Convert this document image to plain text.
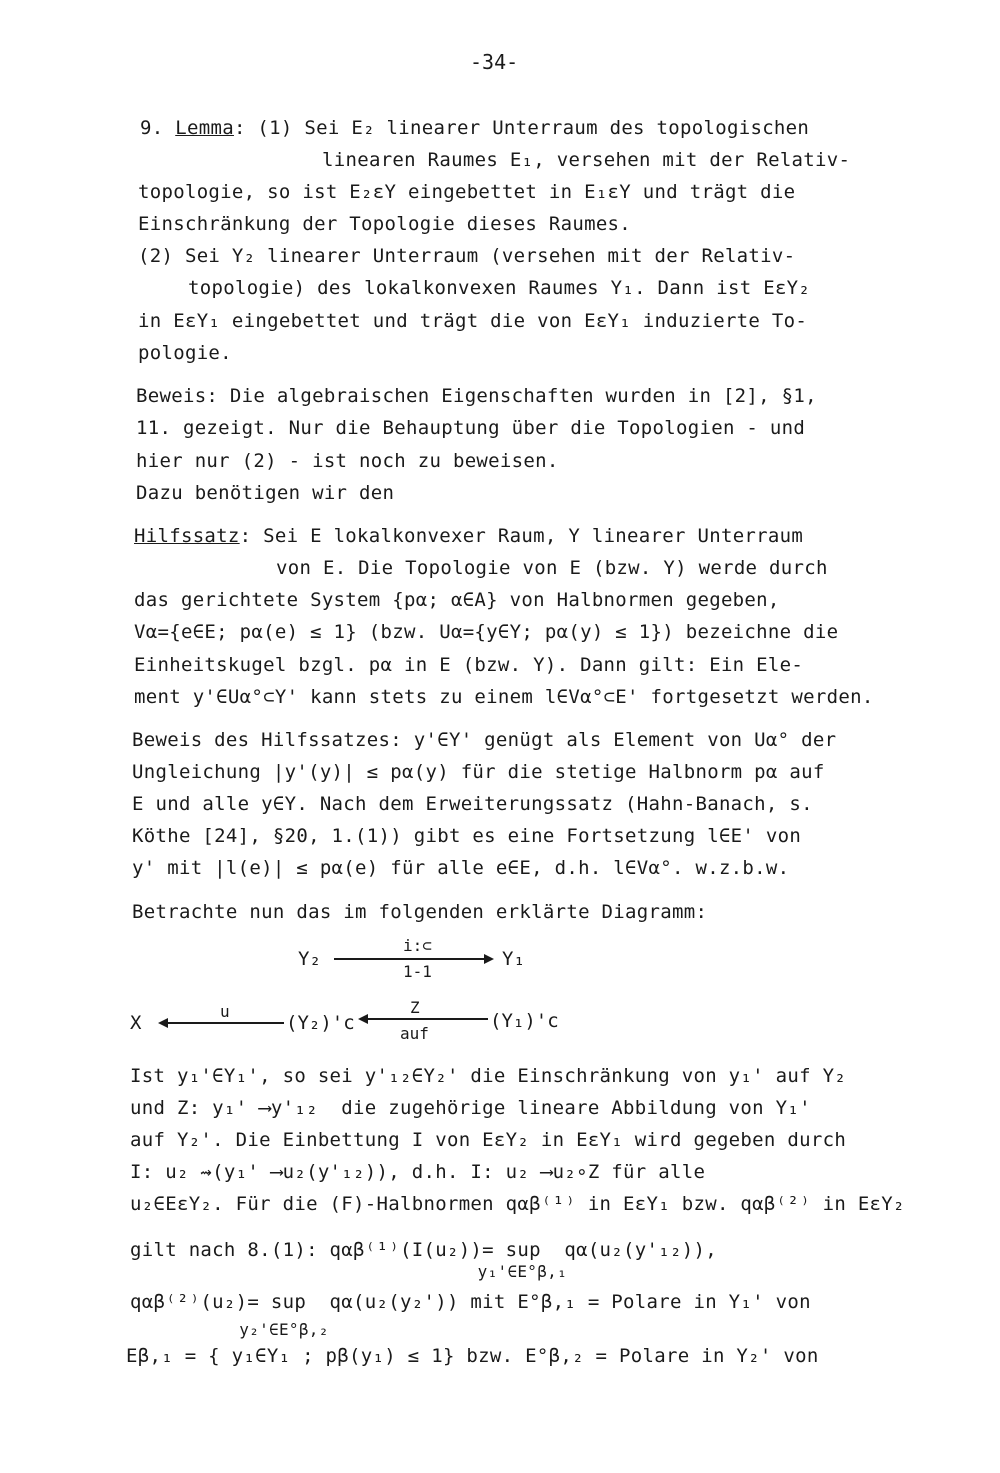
-34-
9. Lemma: (1) Sei E₂ linearer Unterraum des topologischen
linearen Raumes E₁, versehen mit der Relativ-
topologie, so ist E₂εY eingebettet in E₁εY und trägt die
Einschränkung der Topologie dieses Raumes.
(2) Sei Y₂ linearer Unterraum (versehen mit der Relativ-
topologie) des lokalkonvexen Raumes Y₁. Dann ist EεY₂
in EεY₁ eingebettet und trägt die von EεY₁ induzierte To-
pologie.
Beweis: Die algebraischen Eigenschaften wurden in [2], §1,
11. gezeigt. Nur die Behauptung über die Topologien - und
hier nur (2) - ist noch zu beweisen.
Dazu benötigen wir den
Hilfssatz: Sei E lokalkonvexer Raum, Y linearer Unterraum
von E. Die Topologie von E (bzw. Y) werde durch
das gerichtete System {pα; α∈A} von Halbnormen gegeben,
Vα={e∈E; pα(e) ≤ 1} (bzw. Uα={y∈Y; pα(y) ≤ 1}) bezeichne die
Einheitskugel bzgl. pα in E (bzw. Y). Dann gilt: Ein Ele-
ment y'∈Uα°⊂Y' kann stets zu einem l∈Vα°⊂E' fortgesetzt werden.
Beweis des Hilfssatzes: y'∈Y' genügt als Element von Uα° der
Ungleichung |y'(y)| ≤ pα(y) für die stetige Halbnorm pα auf
E und alle y∈Y. Nach dem Erweiterungssatz (Hahn-Banach, s.
Köthe [24], §20, 1.(1)) gibt es eine Fortsetzung l∈E' von
y' mit |l(e)| ≤ pα(e) für alle e∈E, d.h. l∈Vα°. w.z.b.w.
Betrachte nun das im folgenden erklärte Diagramm:
Y₂
i:⊂
1-1
Y₁
X
u
(Y₂)'c
Z
auf
(Y₁)'c
Ist y₁'∈Y₁', so sei y'₁₂∈Y₂' die Einschränkung von y₁' auf Y₂
und Z: y₁' ⟶y'₁₂  die zugehörige lineare Abbildung von Y₁'
auf Y₂'. Die Einbettung I von EεY₂ in EεY₁ wird gegeben durch
I: u₂ ⇝(y₁' ⟶u₂(y'₁₂)), d.h. I: u₂ ⟶u₂∘Z für alle
u₂∈EεY₂. Für die (F)-Halbnormen qαβ⁽¹⁾ in EεY₁ bzw. qαβ⁽²⁾ in EεY₂
gilt nach 8.(1): qαβ⁽¹⁾(I(u₂))= sup  qα(u₂(y'₁₂)),
y₁'∈E°β,₁
qαβ⁽²⁾(u₂)= sup  qα(u₂(y₂')) mit E°β,₁ = Polare in Y₁' von
y₂'∈E°β,₂
Eβ,₁ = { y₁∈Y₁ ; pβ(y₁) ≤ 1} bzw. E°β,₂ = Polare in Y₂' von
